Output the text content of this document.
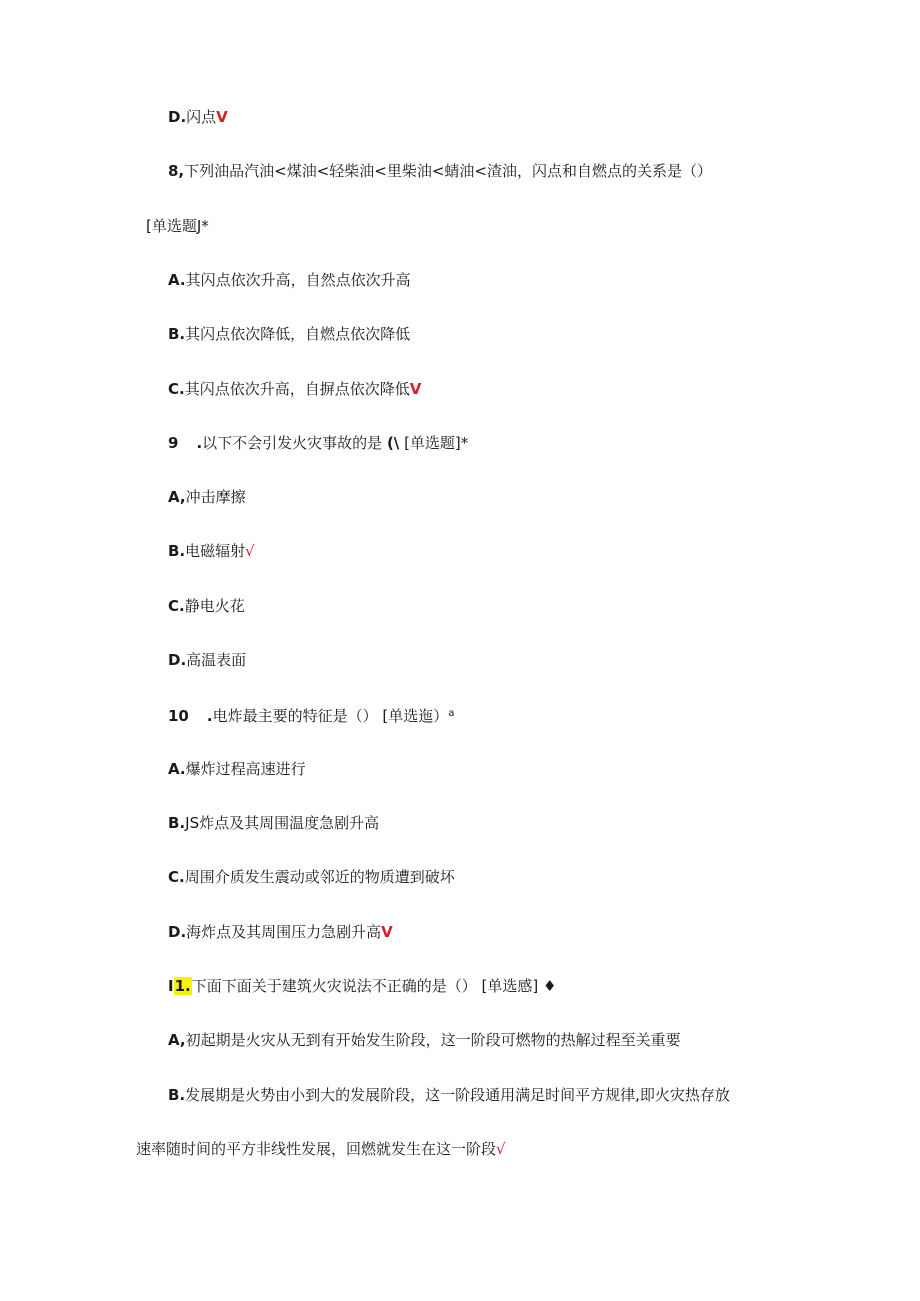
D.闪点V
8,下列油品汽油<煤油<轻柴油<里柴油<蜻油<渣油，闪点和自燃点的关系是（）
[单选题J*
A.其闪点依次升高，自然点依次升高
B.其闪点依次降低，自燃点依次降低
C.其闪点依次升高，自摒点依次降低V
9 .以下不会引发火灾事故的是 (\ [单选题]*
A,冲击摩擦
B.电磁辐射√
C.静电火花
D.高温表面
10 .电炸最主要的特征是（） [单选迤）$^a$
A.爆炸过程高速进行
B.JS炸点及其周围温度急剧升高
C.周围介质发生震动或邻近的物质遭到破坏
D.海炸点及其周围压力急剧升高V
I1.下面下面关于建筑火灾说法不正确的是（） [单选感] ♦
A,初起期是火灾从无到有开始发生阶段，这一阶段可燃物的热解过程至关重要
B.发展期是火势由小到大的发展阶段，这一阶段通用满足时间平方规律,即火灾热存放
速率随时间的平方非线性发展，回燃就发生在这一阶段√
